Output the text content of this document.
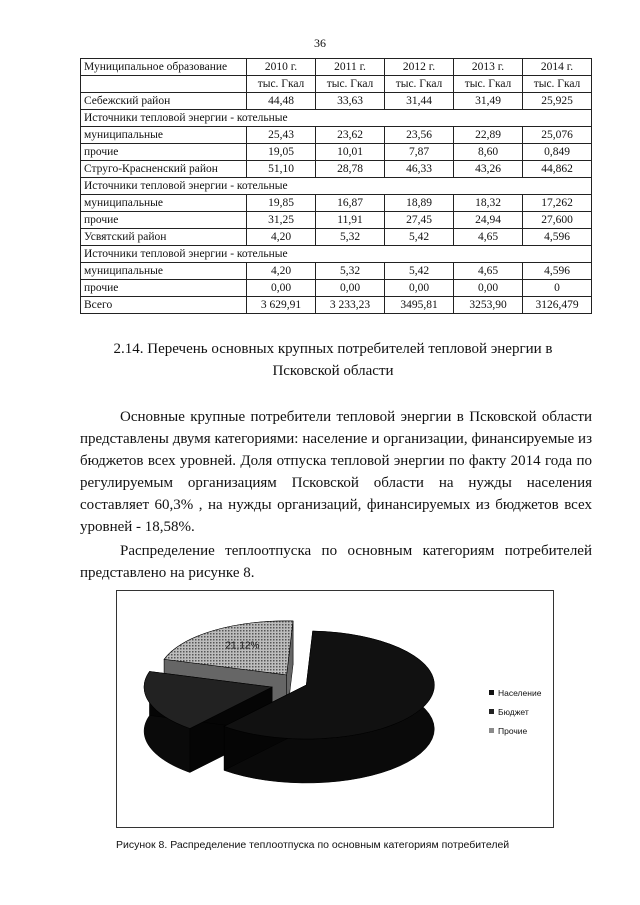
36
Муниципальное образование	2010 г.	2011 г.	2012 г.	2013 г.	2014 г.
	тыс. Гкал	тыс. Гкал	тыс. Гкал	тыс. Гкал	тыс. Гкал
Себежский район	44,48	33,63	31,44	31,49	25,925
Источники тепловой энергии - котельные					
муниципальные	25,43	23,62	23,56	22,89	25,076
прочие	19,05	10,01	7,87	8,60	0,849
Струго-Красненский район	51,10	28,78	46,33	43,26	44,862
Источники тепловой энергии - котельные					
муниципальные	19,85	16,87	18,89	18,32	17,262
прочие	31,25	11,91	27,45	24,94	27,600
Усвятский район	4,20	5,32	5,42	4,65	4,596
Источники тепловой энергии - котельные					
муниципальные	4,20	5,32	5,42	4,65	4,596
прочие	0,00	0,00	0,00	0,00	0
Всего	3 629,91	3 233,23	3495,81	3253,90	3126,479
2.14. Перечень основных крупных потребителей тепловой энергии в Псковской области
Основные крупные потребители тепловой энергии в Псковской области представлены двумя категориями: население и организации, финансируемые из бюджетов всех уровней. Доля отпуска тепловой энергии по факту 2014 года по регулируемым организациям Псковской области на нужды населения составляет 60,3% , на нужды организаций, финансируемых из бюджетов всех уровней - 18,58%.
Распределение теплоотпуска по основным категориям потребителей представлено на рисунке 8.
21,12%
Население
Бюджет
Прочие
Рисунок 8. Распределение теплоотпуска по основным категориям потребителей
